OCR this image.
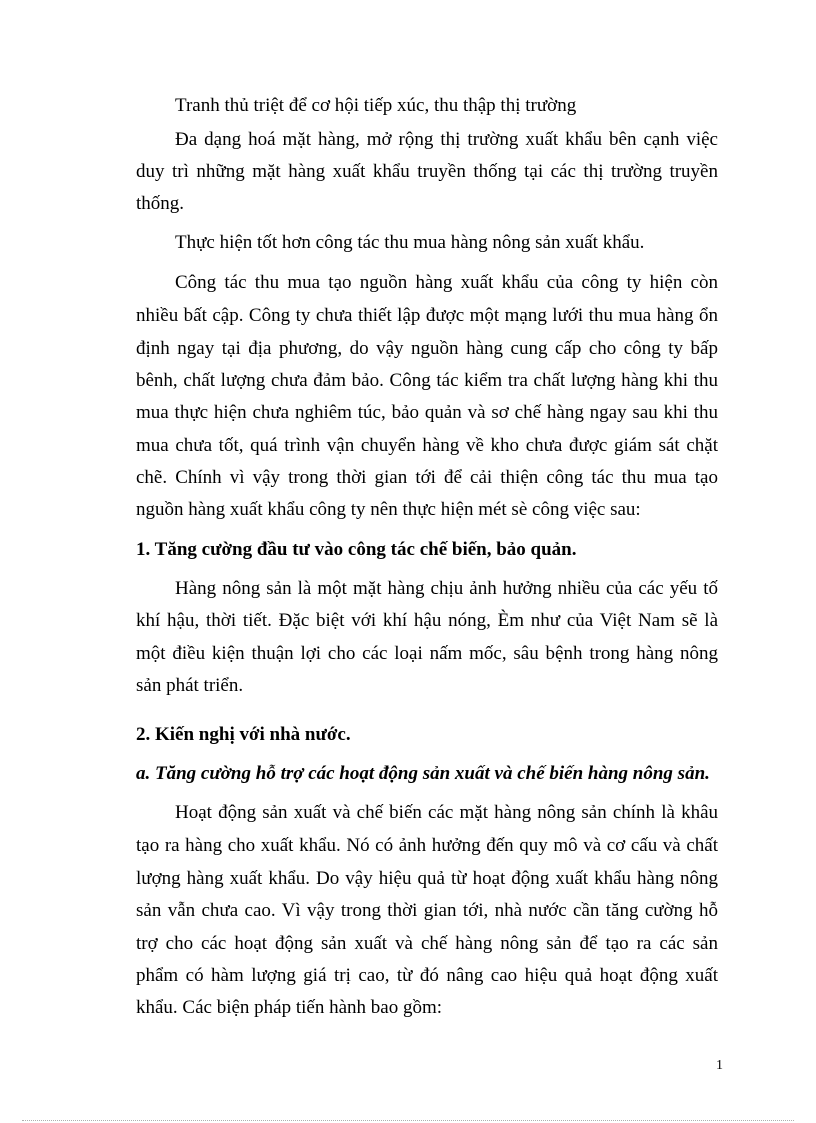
Tranh thủ triệt để cơ hội tiếp xúc, thu thập thị trường
Đa dạng hoá mặt hàng, mở rộng thị trường xuất khẩu bên cạnh việc
duy trì những mặt hàng xuất khẩu truyền thống tại các thị trường truyền
thống.
Thực hiện tốt hơn công tác thu mua hàng nông sản xuất khẩu.
Công tác thu mua tạo nguồn hàng xuất khẩu của công ty hiện còn
nhiều bất cập. Công ty chưa thiết lập được một mạng lưới thu mua hàng ổn
định ngay tại địa phương, do vậy nguồn hàng cung cấp cho công ty bấp
bênh, chất lượng chưa đảm bảo. Công tác kiểm tra chất lượng hàng khi thu
mua thực hiện chưa nghiêm túc, bảo quản và sơ chế hàng ngay sau khi thu
mua chưa tốt, quá trình vận chuyển hàng về kho chưa được giám sát chặt
chẽ. Chính vì vậy trong thời gian tới để cải thiện công tác thu mua tạo
nguồn hàng xuất khẩu công ty nên thực hiện mét sè công việc sau:
1. Tăng cường đầu tư vào công tác chế biến, bảo quản.
Hàng nông sản là một mặt hàng chịu ảnh hưởng nhiều của các yếu tố
khí hậu, thời tiết. Đặc biệt với khí hậu nóng, Èm như của Việt Nam sẽ là
một điều kiện thuận lợi cho các loại nấm mốc, sâu bệnh trong hàng nông
sản phát triển.
2. Kiến nghị với nhà nước.
a. Tăng cường hỗ trợ các hoạt động sản xuất và chế biến hàng nông sản.
Hoạt động sản xuất và chế biến các mặt hàng nông sản chính là khâu
tạo ra hàng cho xuất khẩu. Nó có ảnh hưởng đến quy mô và cơ cấu và chất
lượng hàng xuất khẩu. Do vậy hiệu quả từ hoạt động xuất khẩu hàng nông
sản vẫn chưa cao. Vì vậy trong thời gian tới, nhà nước cần tăng cường hỗ
trợ cho các hoạt động sản xuất và chế hàng nông sản để tạo ra các sản
phẩm có hàm lượng giá trị cao, từ đó nâng cao hiệu quả hoạt động xuất
khẩu. Các biện pháp tiến hành bao gồm:
1
